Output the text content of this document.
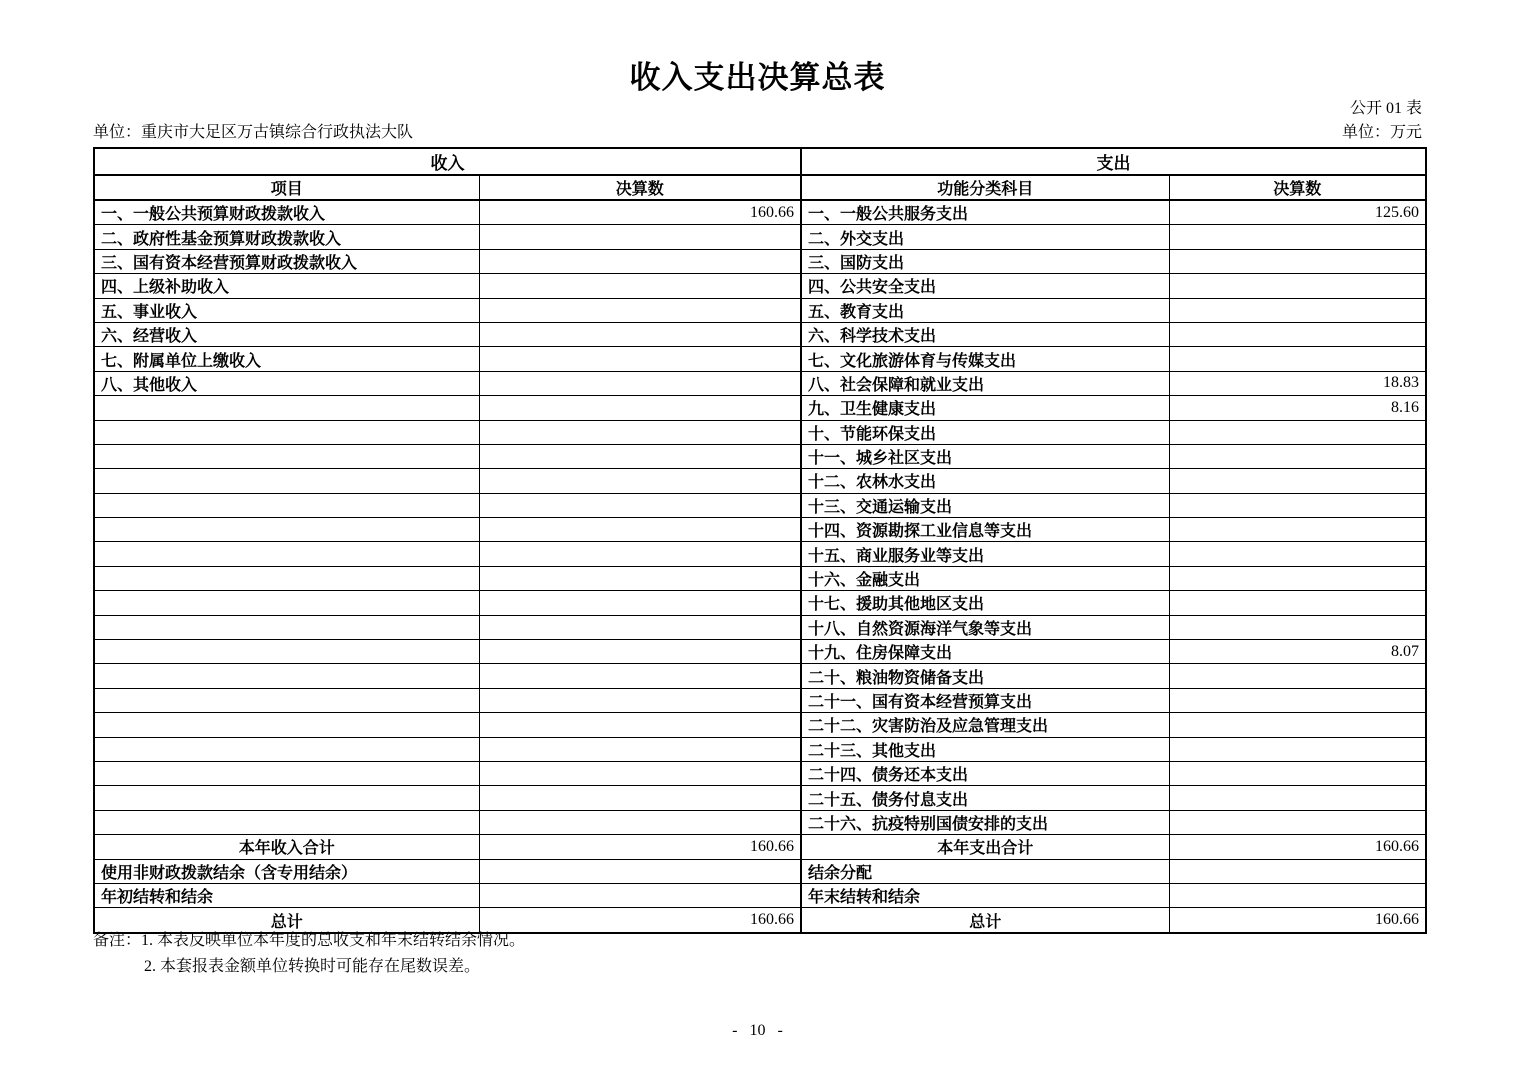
收入支出决算总表
公开 01 表
单位：重庆市大足区万古镇综合行政执法大队	单位：万元
收入		支出	
项目	决算数	功能分类科目	决算数
一、一般公共预算财政拨款收入	160.66	一、一般公共服务支出	125.60
二、政府性基金预算财政拨款收入		二、外交支出	
三、国有资本经营预算财政拨款收入		三、国防支出	
四、上级补助收入		四、公共安全支出	
五、事业收入		五、教育支出	
六、经营收入		六、科学技术支出	
七、附属单位上缴收入		七、文化旅游体育与传媒支出	
八、其他收入		八、社会保障和就业支出	18.83
		九、卫生健康支出	8.16
		十、节能环保支出	
		十一、城乡社区支出	
		十二、农林水支出	
		十三、交通运输支出	
		十四、资源勘探工业信息等支出	
		十五、商业服务业等支出	
		十六、金融支出	
		十七、援助其他地区支出	
		十八、自然资源海洋气象等支出	
		十九、住房保障支出	8.07
		二十、粮油物资储备支出	
		二十一、国有资本经营预算支出	
		二十二、灾害防治及应急管理支出	
		二十三、其他支出	
		二十四、债务还本支出	
		二十五、债务付息支出	
		二十六、抗疫特别国债安排的支出	
本年收入合计	160.66	本年支出合计	160.66
使用非财政拨款结余（含专用结余）		结余分配	
年初结转和结余		年末结转和结余	
总计	160.66	总计	160.66
备注：1. 本表反映单位本年度的总收支和年末结转结余情况。
2. 本套报表金额单位转换时可能存在尾数误差。
- 10 -
